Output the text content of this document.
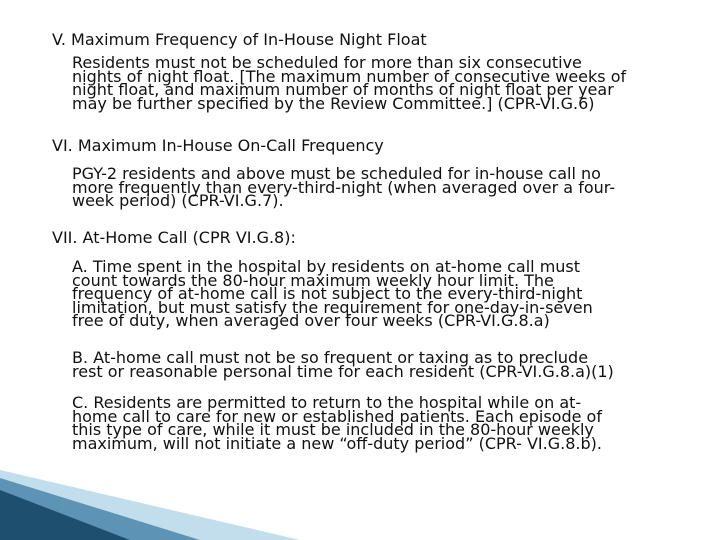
V. Maximum Frequency of In-House Night Float
Residents must not be scheduled for more than six consecutive
nights of night float. [The maximum number of consecutive weeks of
night float, and maximum number of months of night float per year
may be further specified by the Review Committee.] (CPR-VI.G.6)
VI. Maximum In-House On-Call Frequency
PGY-2 residents and above must be scheduled for in-house call no
more frequently than every-third-night (when averaged over a four-
week period) (CPR-VI.G.7).
VII. At-Home Call (CPR VI.G.8):
A. Time spent in the hospital by residents on at-home call must
count towards the 80-hour maximum weekly hour limit. The
frequency of at-home call is not subject to the every-third-night
limitation, but must satisfy the requirement for one-day-in-seven
free of duty, when averaged over four weeks (CPR-VI.G.8.a)
B. At-home call must not be so frequent or taxing as to preclude
rest or reasonable personal time for each resident (CPR-VI.G.8.a)(1)
C. Residents are permitted to return to the hospital while on at-
home call to care for new or established patients. Each episode of
this type of care, while it must be included in the 80-hour weekly
maximum, will not initiate a new “off-duty period” (CPR- VI.G.8.b).
